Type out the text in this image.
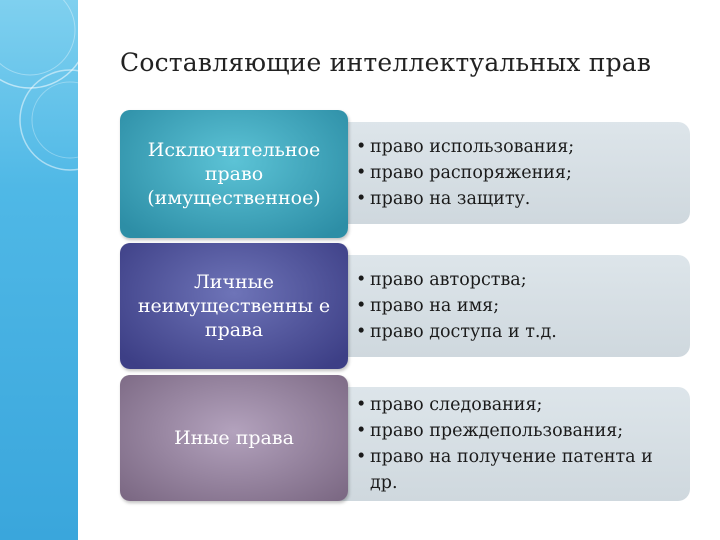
Составляющие интеллектуальных прав
• право использования;
• право распоряжения;
• право на защиту.
Исключительное право (имущественное)
• право авторства;
• право на имя;
• право доступа и т.д.
Личные неимущественны е права
• право следования;
• право преждепользования;
• право на получение патента и др.
Иные права
